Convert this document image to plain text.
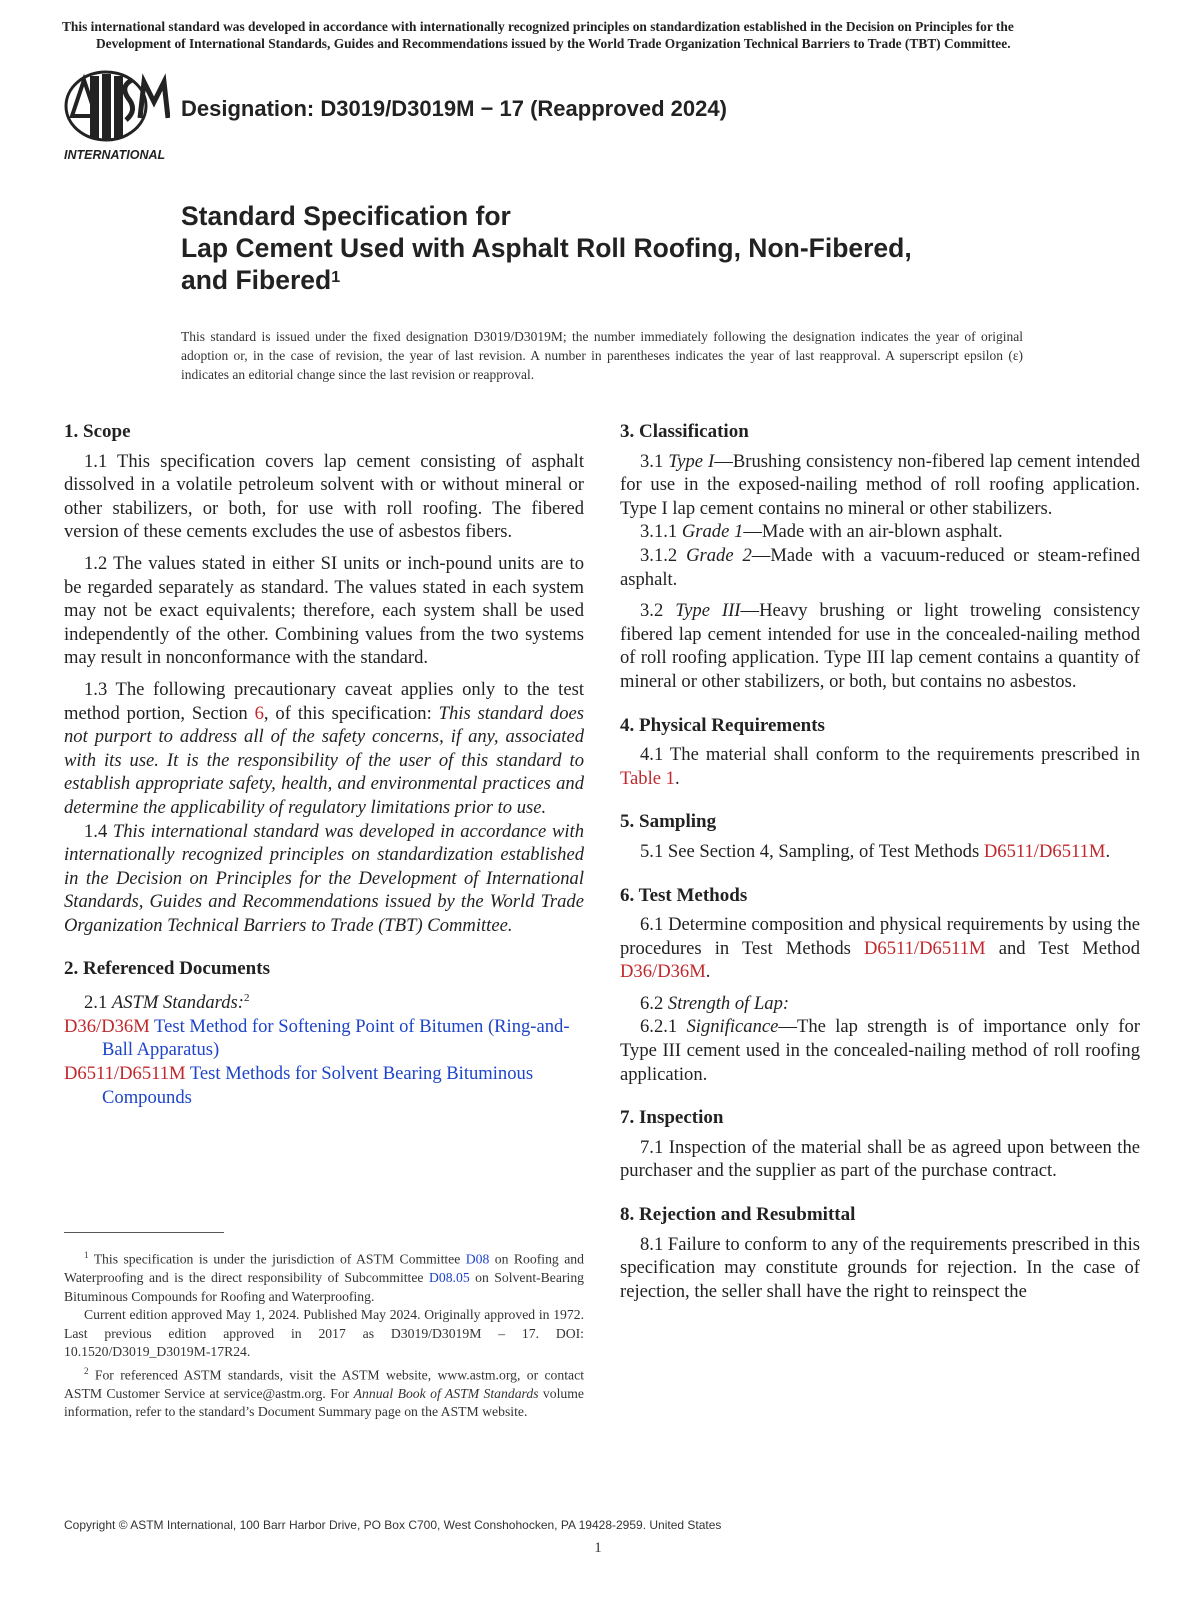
This international standard was developed in accordance with internationally recognized principles on standardization established in the Decision on Principles for the
Development of International Standards, Guides and Recommendations issued by the World Trade Organization Technical Barriers to Trade (TBT) Committee.
INTERNATIONAL
Designation: D3019/D3019M − 17 (Reapproved 2024)
Standard Specification for
Lap Cement Used with Asphalt Roll Roofing, Non-Fibered,
and Fibered$^1$
This standard is issued under the fixed designation D3019/D3019M; the number immediately following the designation indicates the year of original adoption or, in the case of revision, the year of last revision. A number in parentheses indicates the year of last reapproval. A superscript epsilon (ε) indicates an editorial change since the last revision or reapproval.
1. Scope

1.1 This specification covers lap cement consisting of asphalt dissolved in a volatile petroleum solvent with or without mineral or other stabilizers, or both, for use with roll roofing. The fibered version of these cements excludes the use of asbestos fibers.

1.2 The values stated in either SI units or inch-pound units are to be regarded separately as standard. The values stated in each system may not be exact equivalents; therefore, each system shall be used independently of the other. Combining values from the two systems may result in nonconformance with the standard.

1.3 The following precautionary caveat applies only to the test method portion, Section 6, of this specification: This standard does not purport to address all of the safety concerns, if any, associated with its use. It is the responsibility of the user of this standard to establish appropriate safety, health, and environmental practices and determine the applicability of regulatory limitations prior to use.

1.4 This international standard was developed in accordance with internationally recognized principles on standardization established in the Decision on Principles for the Development of International Standards, Guides and Recommendations issued by the World Trade Organization Technical Barriers to Trade (TBT) Committee.

2. Referenced Documents

2.1 ASTM Standards:$^2$

D36/D36M Test Method for Softening Point of Bitumen (Ring-and-Ball Apparatus)

D6511/D6511M Test Methods for Solvent Bearing Bituminous Compounds

$^1$ This specification is under the jurisdiction of ASTM Committee D08 on Roofing and Waterproofing and is the direct responsibility of Subcommittee D08.05 on Solvent-Bearing Bituminous Compounds for Roofing and Waterproofing.

Current edition approved May 1, 2024. Published May 2024. Originally approved in 1972. Last previous edition approved in 2017 as D3019/D3019M – 17. DOI: 10.1520/D3019_D3019M-17R24.

$^2$ For referenced ASTM standards, visit the ASTM website, www.astm.org, or contact ASTM Customer Service at service@astm.org. For Annual Book of ASTM Standards volume information, refer to the standard’s Document Summary page on the ASTM website.

3. Classification

3.1 Type I—Brushing consistency non-fibered lap cement intended for use in the exposed-nailing method of roll roofing application. Type I lap cement contains no mineral or other stabilizers.

3.1.1 Grade 1—Made with an air-blown asphalt.

3.1.2 Grade 2—Made with a vacuum-reduced or steam-refined asphalt.

3.2 Type III—Heavy brushing or light troweling consistency fibered lap cement intended for use in the concealed-nailing method of roll roofing application. Type III lap cement contains a quantity of mineral or other stabilizers, or both, but contains no asbestos.

4. Physical Requirements

4.1 The material shall conform to the requirements prescribed in Table 1.

5. Sampling

5.1 See Section 4, Sampling, of Test Methods D6511/D6511M.

6. Test Methods

6.1 Determine composition and physical requirements by using the procedures in Test Methods D6511/D6511M and Test Method D36/D36M.

6.2 Strength of Lap:

6.2.1 Significance—The lap strength is of importance only for Type III cement used in the concealed-nailing method of roll roofing application.

7. Inspection

7.1 Inspection of the material shall be as agreed upon between the purchaser and the supplier as part of the purchase contract.

8. Rejection and Resubmittal

8.1 Failure to conform to any of the requirements prescribed in this specification may constitute grounds for rejection. In the case of rejection, the seller shall have the right to reinspect the

Copyright © ASTM International, 100 Barr Harbor Drive, PO Box C700, West Conshohocken, PA 19428-2959. United States
1
